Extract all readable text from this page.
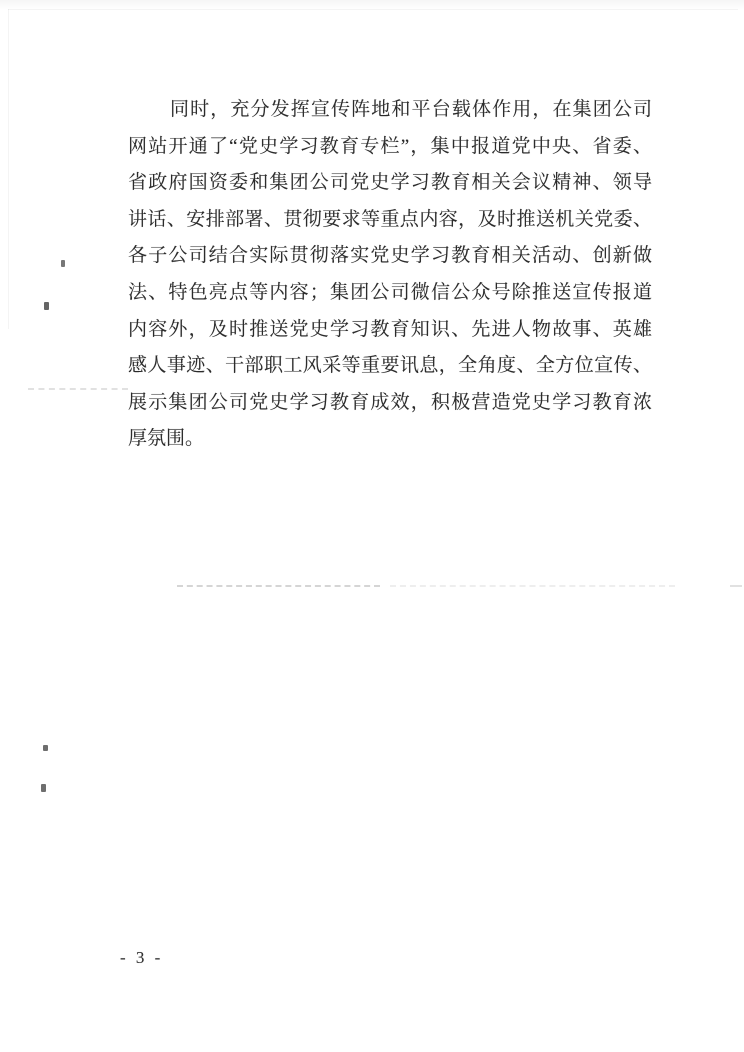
同时，充分发挥宣传阵地和平台载体作用，在集团公司
网站开通了“党史学习教育专栏”，集中报道党中央、省委、
省政府国资委和集团公司党史学习教育相关会议精神、领导
讲话、安排部署、贯彻要求等重点内容，及时推送机关党委、
各子公司结合实际贯彻落实党史学习教育相关活动、创新做
法、特色亮点等内容；集团公司微信公众号除推送宣传报道
内容外，及时推送党史学习教育知识、先进人物故事、英雄
感人事迹、干部职工风采等重要讯息，全角度、全方位宣传、
展示集团公司党史学习教育成效，积极营造党史学习教育浓
厚氛围。
- 3 -
